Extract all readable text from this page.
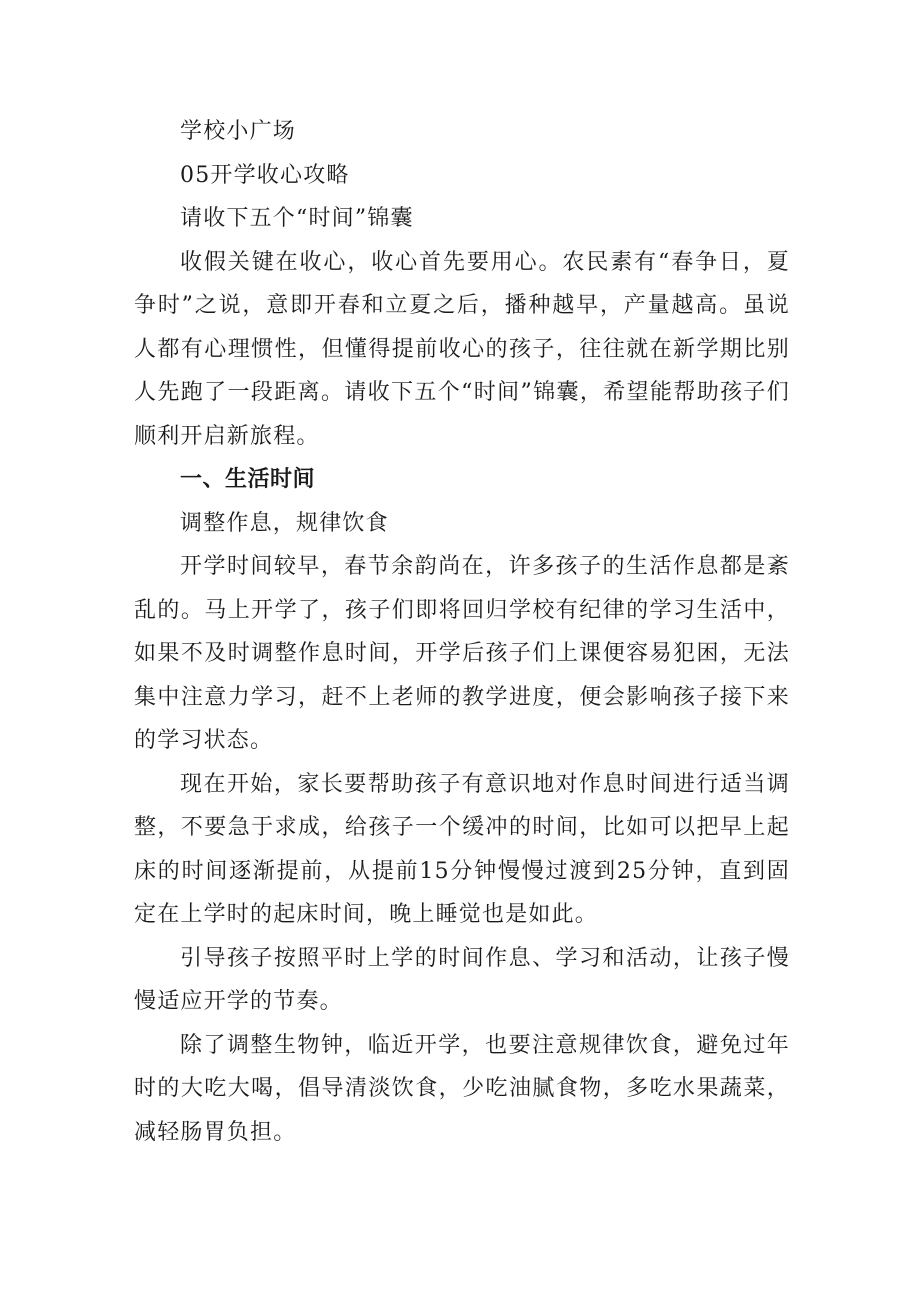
学校小广场

05开学收心攻略

请收下五个“时间”锦囊

收假关键在收心，收心首先要用心。农民素有“春争日，夏争时”之说，意即开春和立夏之后，播种越早，产量越高。虽说人都有心理惯性，但懂得提前收心的孩子，往往就在新学期比别人先跑了一段距离。请收下五个“时间”锦囊，希望能帮助孩子们顺利开启新旅程。

一、生活时间

调整作息，规律饮食

开学时间较早，春节余韵尚在，许多孩子的生活作息都是紊乱的。马上开学了，孩子们即将回归学校有纪律的学习生活中，如果不及时调整作息时间，开学后孩子们上课便容易犯困，无法集中注意力学习，赶不上老师的教学进度，便会影响孩子接下来的学习状态。

现在开始，家长要帮助孩子有意识地对作息时间进行适当调整，不要急于求成，给孩子一个缓冲的时间，比如可以把早上起床的时间逐渐提前，从提前15分钟慢慢过渡到25分钟，直到固定在上学时的起床时间，晚上睡觉也是如此。

引导孩子按照平时上学的时间作息、学习和活动，让孩子慢慢适应开学的节奏。

除了调整生物钟，临近开学，也要注意规律饮食，避免过年时的大吃大喝，倡导清淡饮食，少吃油腻食物，多吃水果蔬菜，减轻肠胃负担。
